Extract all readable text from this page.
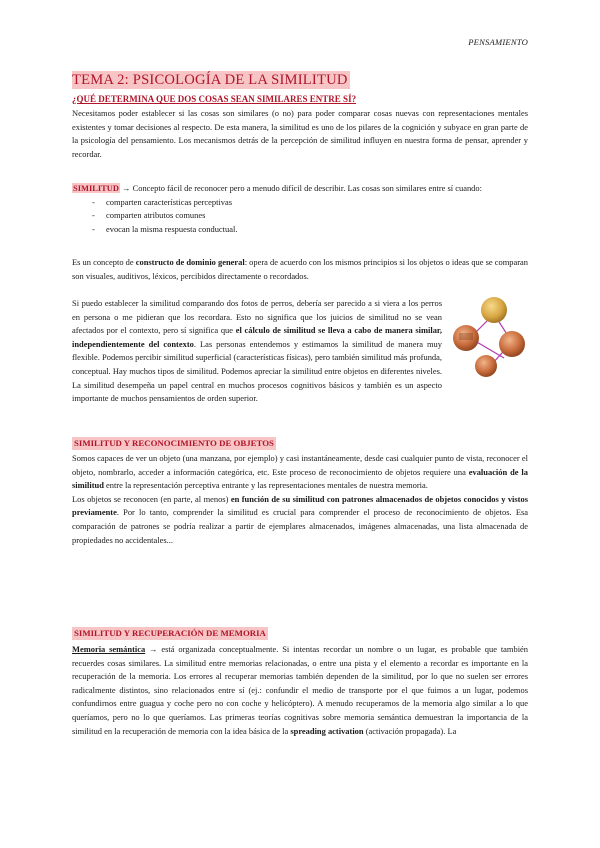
PENSAMIENTO
TEMA 2: PSICOLOGÍA DE LA SIMILITUD
¿QUÉ DETERMINA QUE DOS COSAS SEAN SIMILARES ENTRE SÍ?

Necesitamos poder establecer si las cosas son similares (o no) para poder comparar cosas nuevas con representaciones mentales existentes y tomar decisiones al respecto. De esta manera, la similitud es uno de los pilares de la cognición y subyace en gran parte de la psicología del pensamiento. Los mecanismos detrás de la percepción de similitud influyen en nuestra forma de pensar, aprender y recordar.

SIMILITUD → Concepto fácil de reconocer pero a menudo difícil de describir. Las cosas son similares entre sí cuando:

- comparten características perceptivas
- comparten atributos comunes
- evocan la misma respuesta conductual.

Es un concepto de constructo de dominio general: opera de acuerdo con los mismos principios si los objetos o ideas que se comparan son visuales, auditivos, léxicos, percibidos directamente o recordados.

Si puedo establecer la similitud comparando dos fotos de perros, debería ser parecido a si viera a los perros en persona o me pidieran que los recordara. Esto no significa que los juicios de similitud no se vean afectados por el contexto, pero sí significa que el cálculo de similitud se lleva a cabo de manera similar, independientemente del contexto. Las personas entendemos y estimamos la similitud de manera muy flexible. Podemos percibir similitud superficial (características físicas), pero también similitud más profunda, conceptual. Hay muchos tipos de similitud. Podemos apreciar la similitud entre objetos en diferentes niveles. La similitud desempeña un papel central en muchos procesos cognitivos básicos y también es un aspecto importante de muchos pensamientos de orden superior.

SIMILITUD Y RECONOCIMIENTO DE OBJETOS

Somos capaces de ver un objeto (una manzana, por ejemplo) y casi instantáneamente, desde casi cualquier punto de vista, reconocer el objeto, nombrarlo, acceder a información categórica, etc. Este proceso de reconocimiento de objetos requiere una evaluación de la similitud entre la representación perceptiva entrante y las representaciones mentales de nuestra memoria.

Los objetos se reconocen (en parte, al menos) en función de su similitud con patrones almacenados de objetos conocidos y vistos previamente. Por lo tanto, comprender la similitud es crucial para comprender el proceso de reconocimiento de objetos. Esa comparación de patrones se podría realizar a partir de ejemplares almacenados, imágenes almacenadas, una lista almacenada de propiedades no accidentales...

SIMILITUD Y RECUPERACIÓN DE MEMORIA

Memoria semántica → está organizada conceptualmente. Si intentas recordar un nombre o un lugar, es probable que también recuerdes cosas similares. La similitud entre memorias relacionadas, o entre una pista y el elemento a recordar es importante en la recuperación de la memoria. Los errores al recuperar memorias también dependen de la similitud, por lo que no suelen ser errores radicalmente distintos, sino relacionados entre sí (ej.: confundir el medio de transporte por el que fuimos a un lugar, podemos confundirnos entre guagua y coche pero no con coche y helicóptero). A menudo recuperamos de la memoria algo similar a lo que queríamos, pero no lo que queríamos. Las primeras teorías cognitivas sobre memoria semántica demuestran la importancia de la similitud en la recuperación de memoria con la idea básica de la spreading activation (activación propagada). La
